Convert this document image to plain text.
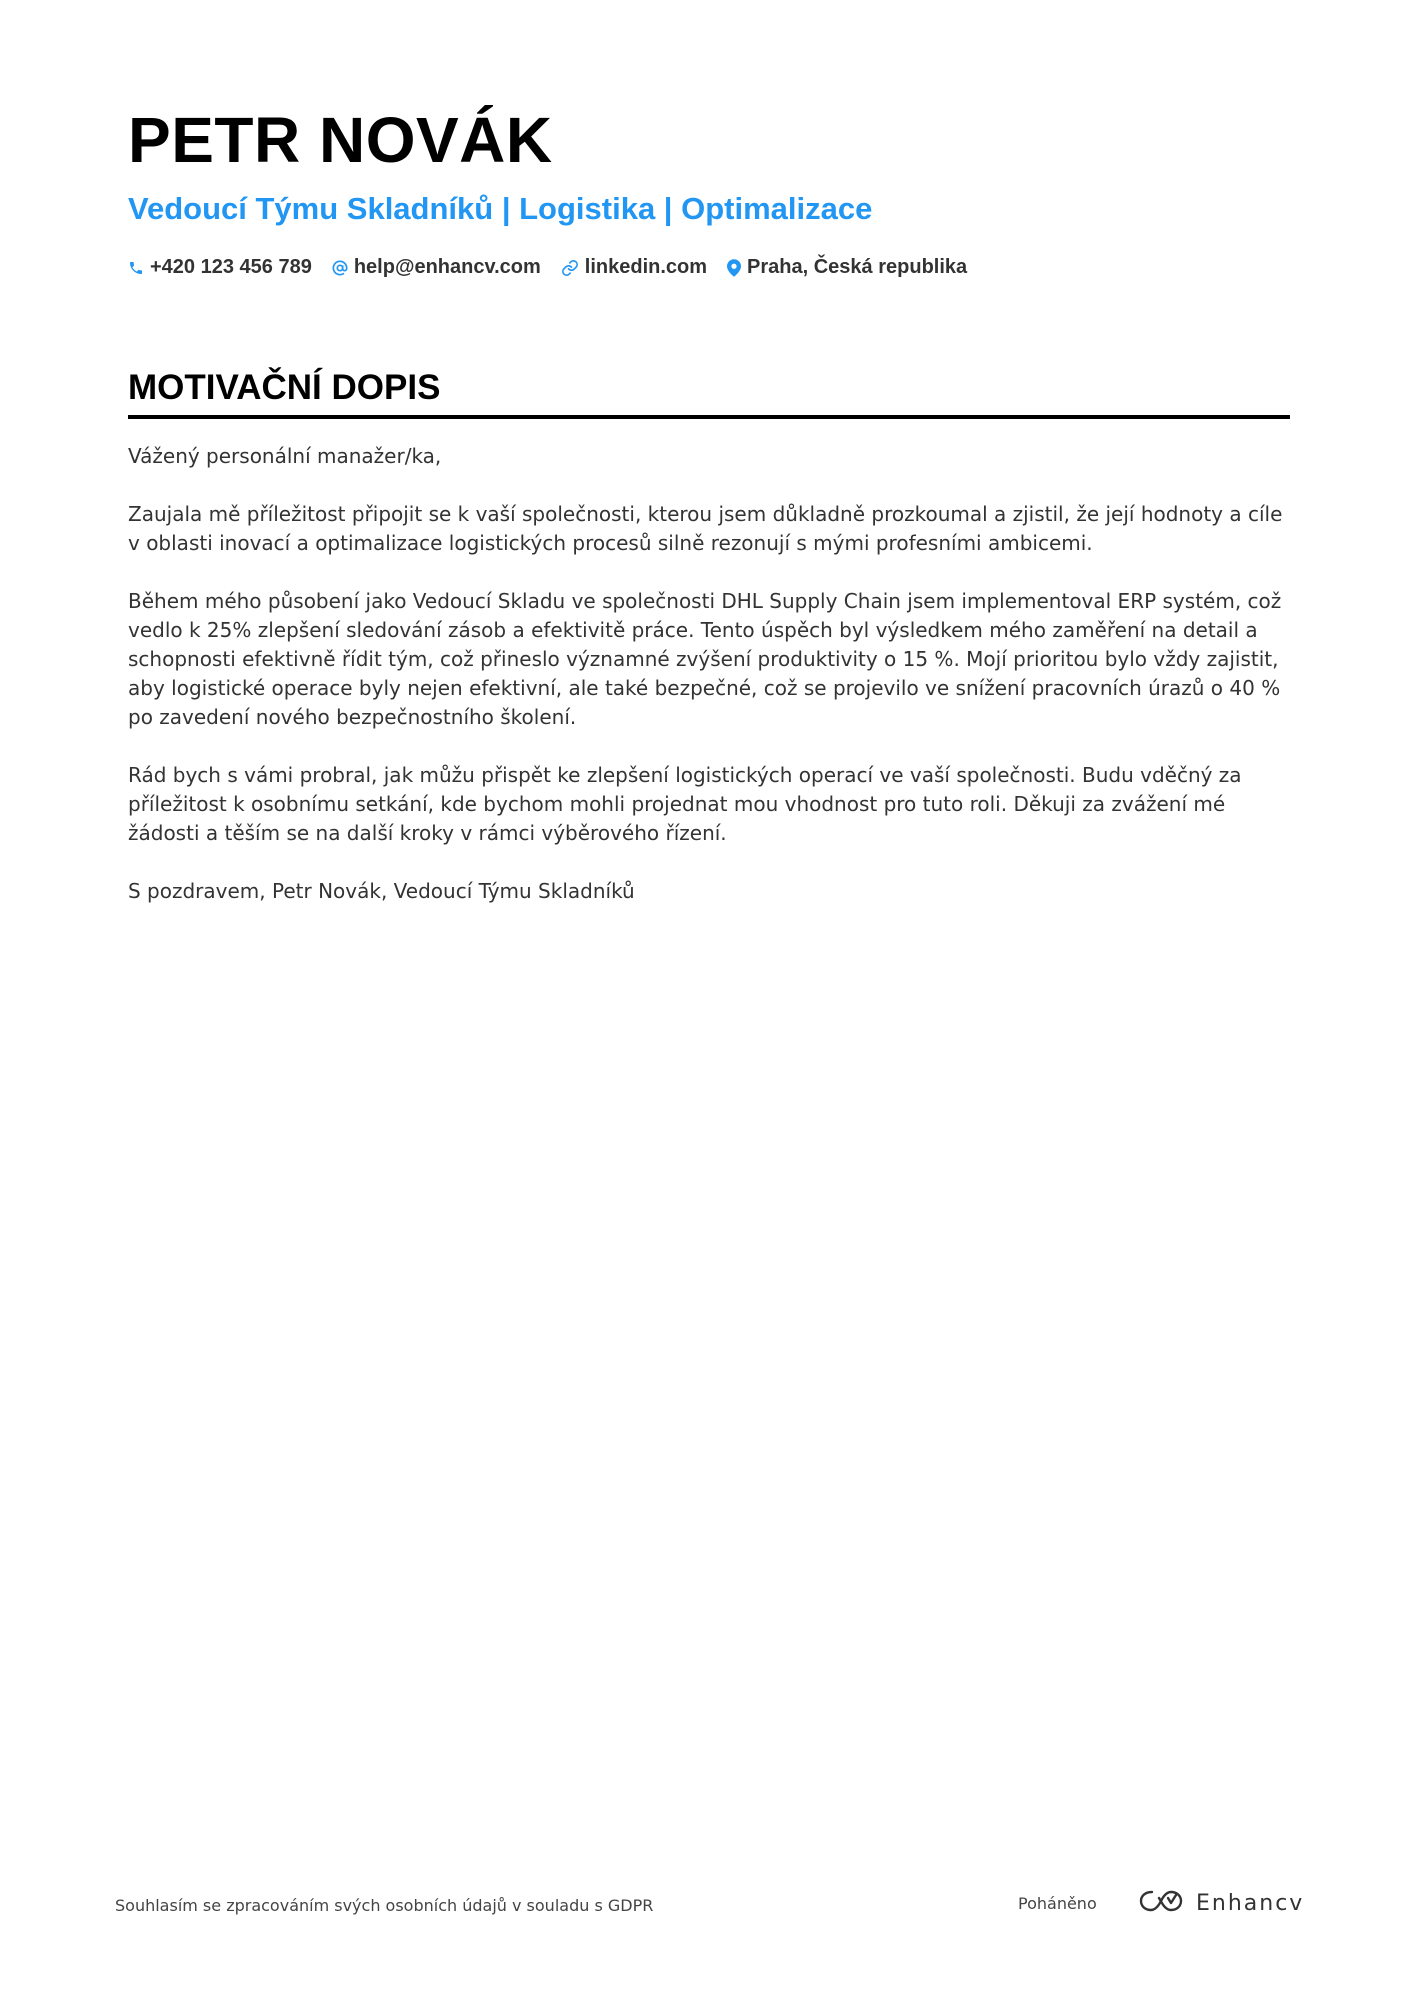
PETR NOVÁK
Vedoucí Týmu Skladníků | Logistika | Optimalizace
+420 123 456 789 help@enhancv.com linkedin.com Praha, Česká republika
MOTIVAČNÍ DOPIS

Vážený personální manažer/ka,

Zaujala mě příležitost připojit se k vaší společnosti, kterou jsem důkladně prozkoumal a zjistil, že její hodnoty a cíle v oblasti inovací a optimalizace logistických procesů silně rezonují s mými profesními ambicemi.

Během mého působení jako Vedoucí Skladu ve společnosti DHL Supply Chain jsem implementoval ERP systém, což vedlo k 25% zlepšení sledování zásob a efektivitě práce. Tento úspěch byl výsledkem mého zaměření na detail a schopnosti efektivně řídit tým, což přineslo významné zvýšení produktivity o 15 %. Mojí prioritou bylo vždy zajistit, aby logistické operace byly nejen efektivní, ale také bezpečné, což se projevilo ve snížení pracovních úrazů o 40 % po zavedení nového bezpečnostního školení.

Rád bych s vámi probral, jak můžu přispět ke zlepšení logistických operací ve vaší společnosti. Budu vděčný za příležitost k osobnímu setkání, kde bychom mohli projednat mou vhodnost pro tuto roli. Děkuji za zvážení mé žádosti a těším se na další kroky v rámci výběrového řízení.

S pozdravem, Petr Novák, Vedoucí Týmu Skladníků

Souhlasím se zpracováním svých osobních údajů v souladu s GDPR	Poháněno	Enhancv
